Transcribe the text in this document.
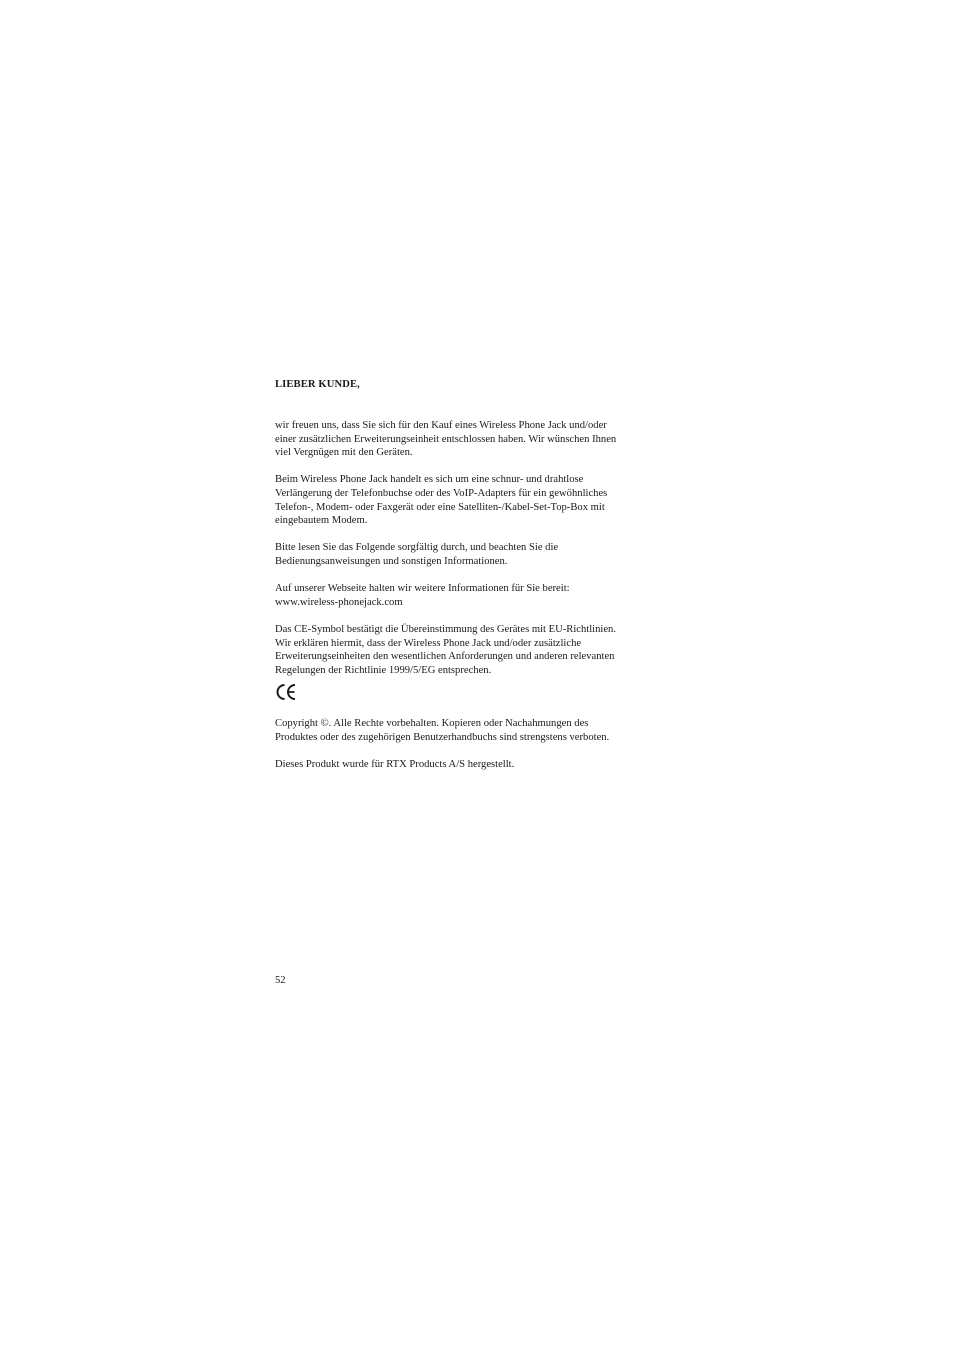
LIEBER KUNDE,

wir freuen uns, dass Sie sich für den Kauf eines Wireless Phone Jack und/oder
einer zusätzlichen Erweiterungseinheit entschlossen haben. Wir wünschen Ihnen
viel Vergnügen mit den Geräten.

Beim Wireless Phone Jack handelt es sich um eine schnur- und drahtlose
Verlängerung der Telefonbuchse oder des VoIP-Adapters für ein gewöhnliches
Telefon-, Modem- oder Faxgerät oder eine Satelliten-/Kabel-Set-Top-Box mit
eingebautem Modem.

Bitte lesen Sie das Folgende sorgfältig durch, und beachten Sie die
Bedienungsanweisungen und sonstigen Informationen.

Auf unserer Webseite halten wir weitere Informationen für Sie bereit:
www.wireless-phonejack.com

Das CE-Symbol bestätigt die Übereinstimmung des Gerätes mit EU-Richtlinien.
Wir erklären hiermit, dass der Wireless Phone Jack und/oder zusätzliche
Erweiterungseinheiten den wesentlichen Anforderungen und anderen relevanten
Regelungen der Richtlinie 1999/5/EG entsprechen.

Copyright ©. Alle Rechte vorbehalten. Kopieren oder Nachahmungen des
Produktes oder des zugehörigen Benutzerhandbuchs sind strengstens verboten.

Dieses Produkt wurde für RTX Products A/S hergestellt.

52
